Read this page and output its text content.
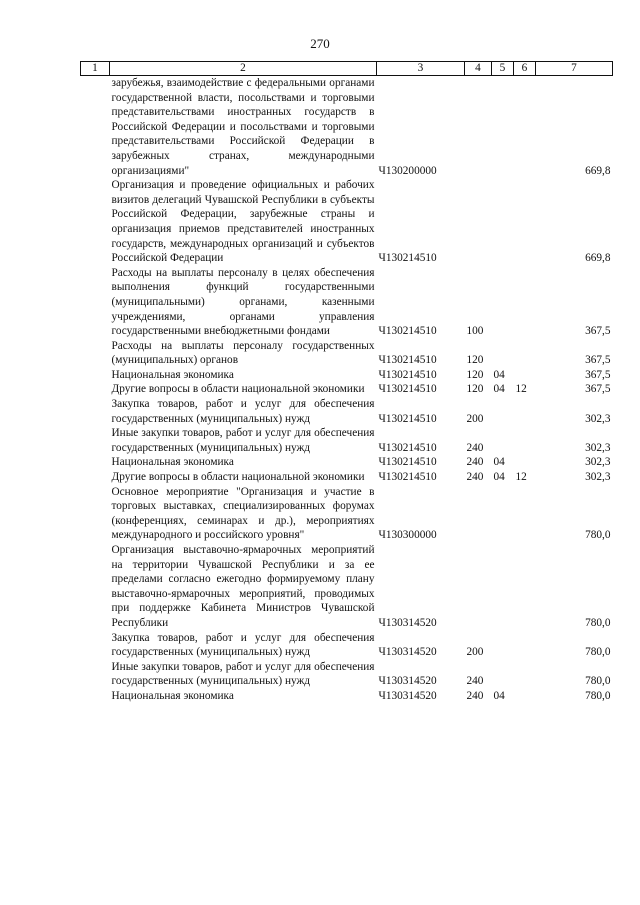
270
1	2	3	4	5	6	7
	зарубежья, взаимодействие с федеральными органами государственной власти, посольствами и торговыми представительствами иностранных государств в Российской Федерации и посольствами и торговыми представительствами Российской Федерации в зарубежных странах, международными организациями"	Ч130200000				669,8
	Организация и проведение официальных и рабочих визитов делегаций Чувашской Республики в субъекты Российской Федерации, зарубежные страны и организация приемов представителей иностранных государств, международных организаций и субъектов Российской Федерации	Ч130214510				669,8
	Расходы на выплаты персоналу в целях обеспечения выполнения функций государственными (муниципальными) органами, казенными учреждениями, органами управления государственными внебюджетными фондами	Ч130214510	100			367,5
	Расходы на выплаты персоналу государственных (муниципальных) органов	Ч130214510	120			367,5
	Национальная экономика	Ч130214510	120	04		367,5
	Другие вопросы в области национальной экономики	Ч130214510	120	04	12	367,5
	Закупка товаров, работ и услуг для обеспечения государственных (муниципальных) нужд	Ч130214510	200			302,3
	Иные закупки товаров, работ и услуг для обеспечения государственных (муниципальных) нужд	Ч130214510	240			302,3
	Национальная экономика	Ч130214510	240	04		302,3
	Другие вопросы в области национальной экономики	Ч130214510	240	04	12	302,3
	Основное мероприятие "Организация и участие в торговых выставках, специализированных форумах (конференциях, семинарах и др.), мероприятиях международного и российского уровня"	Ч130300000				780,0
	Организация выставочно-ярмарочных мероприятий на территории Чувашской Республики и за ее пределами согласно ежегодно формируемому плану выставочно-ярмарочных мероприятий, проводимых при поддержке Кабинета Министров Чувашской Республики	Ч130314520				780,0
	Закупка товаров, работ и услуг для обеспечения государственных (муниципальных) нужд	Ч130314520	200			780,0
	Иные закупки товаров, работ и услуг для обеспечения государственных (муниципальных) нужд	Ч130314520	240			780,0
	Национальная экономика	Ч130314520	240	04		780,0
